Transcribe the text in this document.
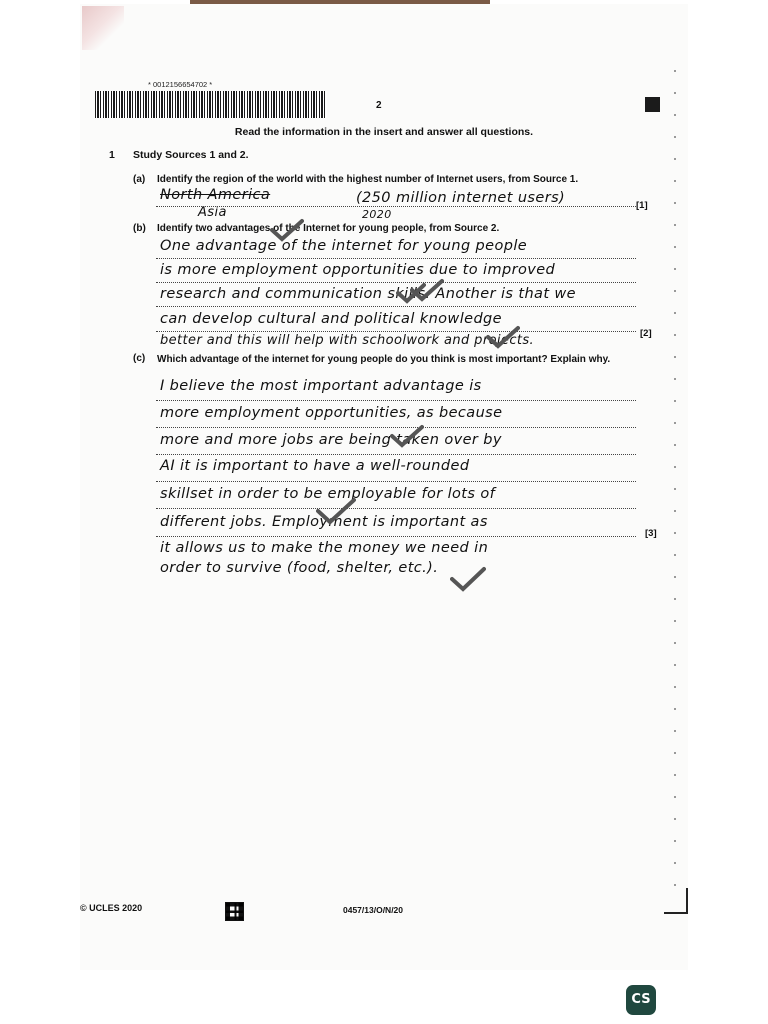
* 0012156654702 *
2
Read the information in the insert and answer all questions.
1 Study Sources 1 and 2.
(a) Identify the region of the world with the highest number of Internet users, from Source 1.
North America	(250 million internet users)
Asia	2020
[1]
(b) Identify two advantages of the Internet for young people, from Source 2.
One advantage of the internet for young people
is more employment opportunities due to improved
research and communication skills. Another is that we
can develop cultural and political knowledge
better and this will help with schoolwork and projects.	[2]
(c) Which advantage of the internet for young people do you think is most important? Explain why.
I believe the most important advantage is
more employment opportunities, as because
more and more jobs are being taken over by
AI it is important to have a well-rounded
skillset in order to be employable for lots of
different jobs. Employment is important as
[3]
it allows us to make the money we need in
order to survive (food, shelter, etc.).
© UCLES 2020	0457/13/O/N/20
CS
